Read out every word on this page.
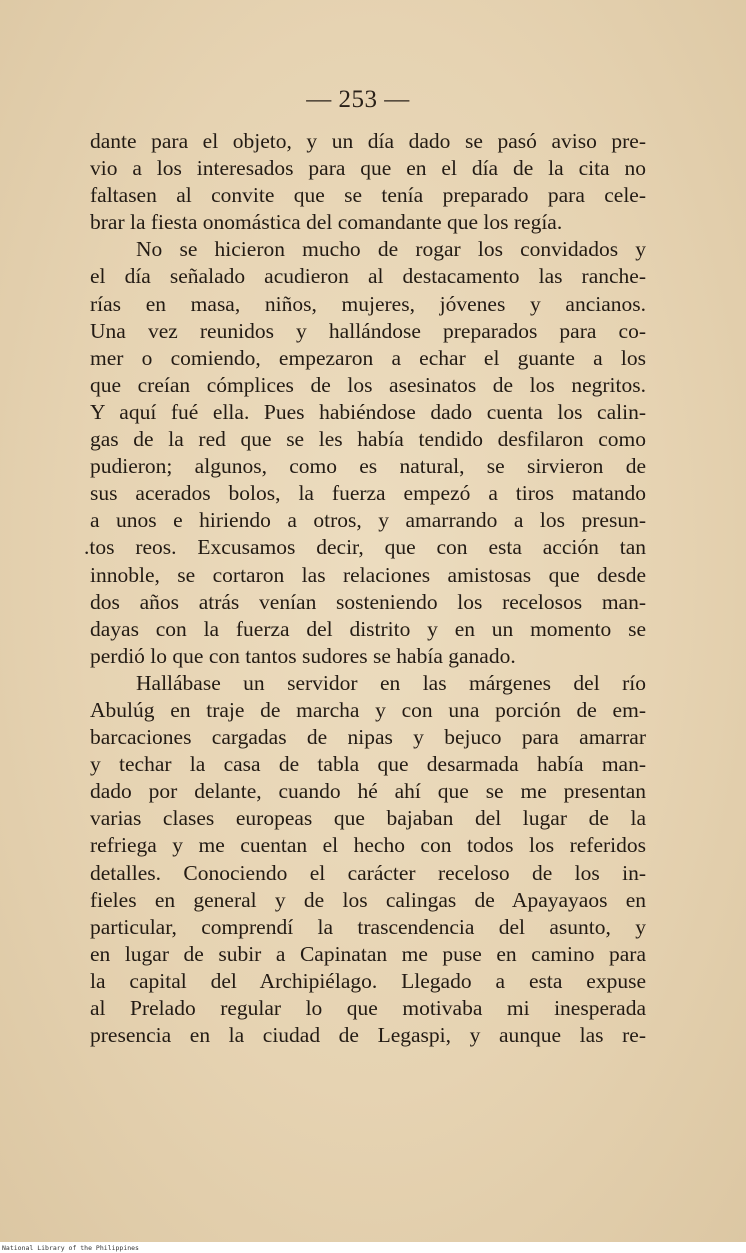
— 253 —
dante para el objeto, y un día dado se pasó aviso pre-
vio a los interesados para que en el día de la cita no
faltasen al convite que se tenía preparado para cele-
brar la fiesta onomástica del comandante que los regía.
No se hicieron mucho de rogar los convidados y
el día señalado acudieron al destacamento las ranche-
rías en masa, niños, mujeres, jóvenes y ancianos.
Una vez reunidos y hallándose preparados para co-
mer o comiendo, empezaron a echar el guante a los
que creían cómplices de los asesinatos de los negritos.
Y aquí fué ella. Pues habiéndose dado cuenta los calin-
gas de la red que se les había tendido desfilaron como
pudieron; algunos, como es natural, se sirvieron de
sus acerados bolos, la fuerza empezó a tiros matando
a unos e hiriendo a otros, y amarrando a los presun-
.tos reos. Excusamos decir, que con esta acción tan
innoble, se cortaron las relaciones amistosas que desde
dos años atrás venían sosteniendo los recelosos man-
dayas con la fuerza del distrito y en un momento se
perdió lo que con tantos sudores se había ganado.
Hallábase un servidor en las márgenes del río
Abulúg en traje de marcha y con una porción de em-
barcaciones cargadas de nipas y bejuco para amarrar
y techar la casa de tabla que desarmada había man-
dado por delante, cuando hé ahí que se me presentan
varias clases europeas que bajaban del lugar de la
refriega y me cuentan el hecho con todos los referidos
detalles. Conociendo el carácter receloso de los in-
fieles en general y de los calingas de Apayayaos en
particular, comprendí la trascendencia del asunto, y
en lugar de subir a Capinatan me puse en camino para
la capital del Archipiélago. Llegado a esta expuse
al Prelado regular lo que motivaba mi inesperada
presencia en la ciudad de Legaspi, y aunque las re-
National Library of the Philippines
